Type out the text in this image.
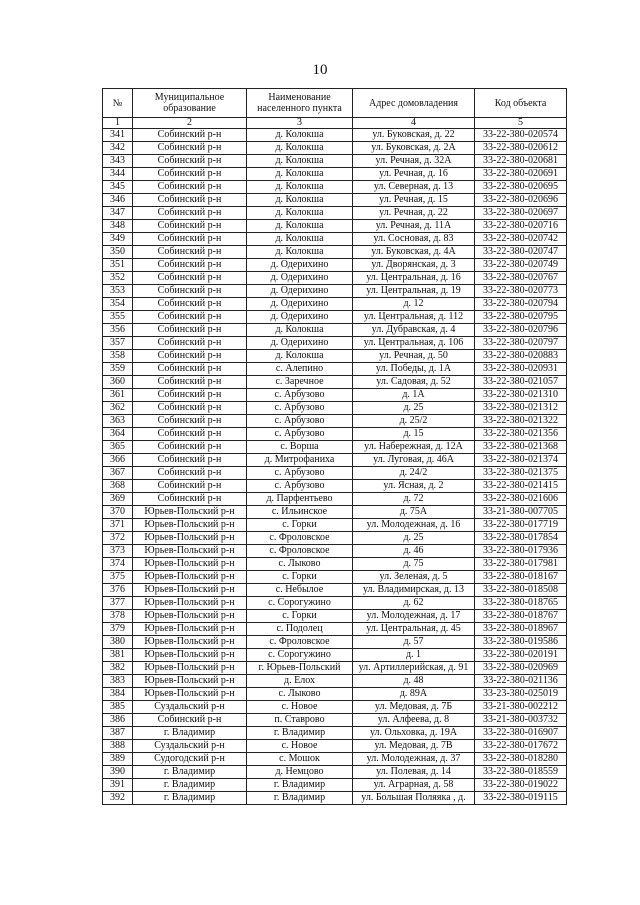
10
№	Муниципальное образование	Наименование населенного пункта	Адрес домовладения	Код объекта
1	2	3	4	5
341	Собинский р-н	д. Колокша	ул. Буковская, д. 22	33-22-380-020574
342	Собинский р-н	д. Колокша	ул. Буковская, д. 2А	33-22-380-020612
343	Собинский р-н	д. Колокша	ул. Речная, д. 32А	33-22-380-020681
344	Собинский р-н	д. Колокша	ул. Речная, д. 16	33-22-380-020691
345	Собинский р-н	д. Колокша	ул. Северная, д. 13	33-22-380-020695
346	Собинский р-н	д. Колокша	ул. Речная, д. 15	33-22-380-020696
347	Собинский р-н	д. Колокша	ул. Речная, д. 22	33-22-380-020697
348	Собинский р-н	д. Колокша	ул. Речная, д. 11А	33-22-380-020716
349	Собинский р-н	д. Колокша	ул. Сосновая, д. 83	33-22-380-020742
350	Собинский р-н	д. Колокша	ул. Буковская, д. 4А	33-22-380-020747
351	Собинский р-н	д. Одерихино	ул. Дворянская, д. 3	33-22-380-020749
352	Собинский р-н	д. Одерихино	ул. Центральная, д. 16	33-22-380-020767
353	Собинский р-н	д. Одерихино	ул. Центральная, д. 19	33-22-380-020773
354	Собинский р-н	д. Одерихино	д. 12	33-22-380-020794
355	Собинский р-н	д. Одерихино	ул. Центральная, д. 112	33-22-380-020795
356	Собинский р-н	д. Колокша	ул. Дубравская, д. 4	33-22-380-020796
357	Собинский р-н	д. Одерихино	ул. Центральная, д. 106	33-22-380-020797
358	Собинский р-н	д. Колокша	ул. Речная, д. 50	33-22-380-020883
359	Собинский р-н	с. Алепино	ул. Победы, д. 1А	33-22-380-020931
360	Собинский р-н	с. Заречное	ул. Садовая, д. 52	33-22-380-021057
361	Собинский р-н	с. Арбузово	д. 1А	33-22-380-021310
362	Собинский р-н	с. Арбузово	д. 25	33-22-380-021312
363	Собинский р-н	с. Арбузово	д. 25/2	33-22-380-021322
364	Собинский р-н	с. Арбузово	д. 15	33-22-380-021356
365	Собинский р-н	с. Ворша	ул. Набережная, д. 12А	33-22-380-021368
366	Собинский р-н	д. Митрофаниха	ул. Луговая, д. 46А	33-22-380-021374
367	Собинский р-н	с. Арбузово	д. 24/2	33-22-380-021375
368	Собинский р-н	с. Арбузово	ул. Ясная, д. 2	33-22-380-021415
369	Собинский р-н	д. Парфентьево	д. 72	33-22-380-021606
370	Юрьев-Польский р-н	с. Ильинское	д. 75А	33-21-380-007705
371	Юрьев-Польский р-н	с. Горки	ул. Молодежная, д. 16	33-22-380-017719
372	Юрьев-Польский р-н	с. Фроловское	д. 25	33-22-380-017854
373	Юрьев-Польский р-н	с. Фроловское	д. 46	33-22-380-017936
374	Юрьев-Польский р-н	с. Лыково	д. 75	33-22-380-017981
375	Юрьев-Польский р-н	с. Горки	ул. Зеленая, д. 5	33-22-380-018167
376	Юрьев-Польский р-н	с. Небылое	ул. Владимирская, д. 13	33-22-380-018508
377	Юрьев-Польский р-н	с. Сорогужино	д. 62	33-22-380-018765
378	Юрьев-Польский р-н	с. Горки	ул. Молодежная, д. 17	33-22-380-018767
379	Юрьев-Польский р-н	с. Подолец	ул. Центральная, д. 45	33-22-380-018967
380	Юрьев-Польский р-н	с. Фроловское	д. 57	33-22-380-019586
381	Юрьев-Польский р-н	с. Сорогужино	д. 1	33-22-380-020191
382	Юрьев-Польский р-н	г. Юрьев-Польский	ул. Артиллерийская, д. 91	33-22-380-020969
383	Юрьев-Польский р-н	д. Елох	д. 48	33-22-380-021136
384	Юрьев-Польский р-н	с. Лыково	д. 89А	33-23-380-025019
385	Суздальский р-н	с. Новое	ул. Медовая, д. 7Б	33-21-380-002212
386	Собинский р-н	п. Ставрово	ул. Алфеева, д. 8	33-21-380-003732
387	г. Владимир	г. Владимир	ул. Ольховка, д. 19А	33-22-380-016907
388	Суздальский р-н	с. Новое	ул. Медовая, д. 7В	33-22-380-017672
389	Судогодский р-н	с. Мошок	ул. Молодежная, д. 37	33-22-380-018280
390	г. Владимир	д. Немцово	ул. Полевая, д. 14	33-22-380-018559
391	г. Владимир	г. Владимир	ул. Аграрная, д. 58	33-22-380-019022
392	г. Владимир	г. Владимир	ул. Большая Поляяка , д.	33-22-380-019115
